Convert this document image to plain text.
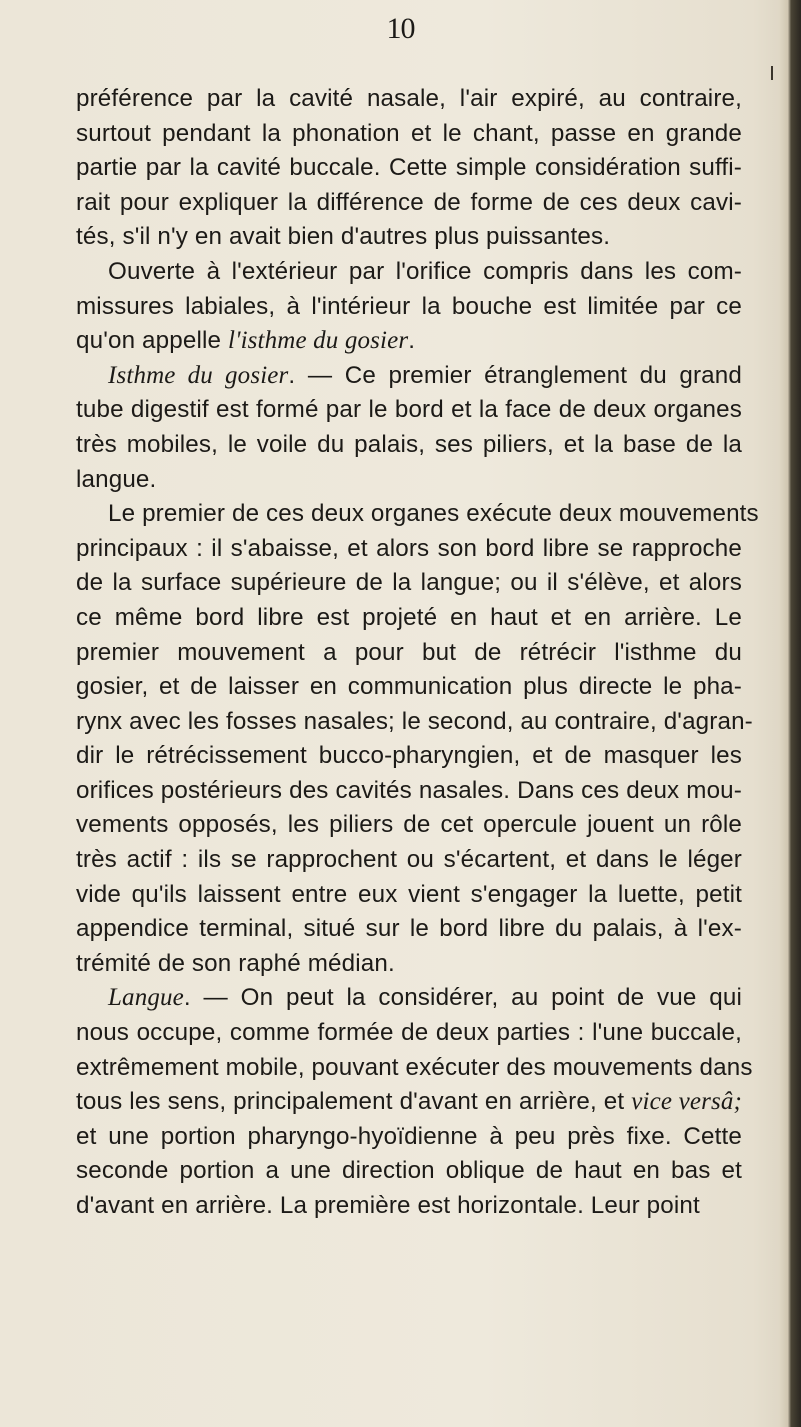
10
préférence par la cavité nasale, l'air expiré, au contraire,
surtout pendant la phonation et le chant, passe en grande
partie par la cavité buccale. Cette simple considération suffi-
rait pour expliquer la différence de forme de ces deux cavi-
tés, s'il n'y en avait bien d'autres plus puissantes.
Ouverte à l'extérieur par l'orifice compris dans les com-
missures labiales, à l'intérieur la bouche est limitée par ce
qu'on appelle l'isthme du gosier.
Isthme du gosier. — Ce premier étranglement du grand
tube digestif est formé par le bord et la face de deux organes
très mobiles, le voile du palais, ses piliers, et la base de la
langue.
Le premier de ces deux organes exécute deux mouvements
principaux : il s'abaisse, et alors son bord libre se rapproche
de la surface supérieure de la langue; ou il s'élève, et alors
ce même bord libre est projeté en haut et en arrière. Le
premier mouvement a pour but de rétrécir l'isthme du
gosier, et de laisser en communication plus directe le pha-
rynx avec les fosses nasales; le second, au contraire, d'agran-
dir le rétrécissement bucco-pharyngien, et de masquer les
orifices postérieurs des cavités nasales. Dans ces deux mou-
vements opposés, les piliers de cet opercule jouent un rôle
très actif : ils se rapprochent ou s'écartent, et dans le léger
vide qu'ils laissent entre eux vient s'engager la luette, petit
appendice terminal, situé sur le bord libre du palais, à l'ex-
trémité de son raphé médian.
Langue. — On peut la considérer, au point de vue qui
nous occupe, comme formée de deux parties : l'une buccale,
extrêmement mobile, pouvant exécuter des mouvements dans
tous les sens, principalement d'avant en arrière, et vice versâ;
et une portion pharyngo-hyoïdienne à peu près fixe. Cette
seconde portion a une direction oblique de haut en bas et
d'avant en arrière. La première est horizontale. Leur point
